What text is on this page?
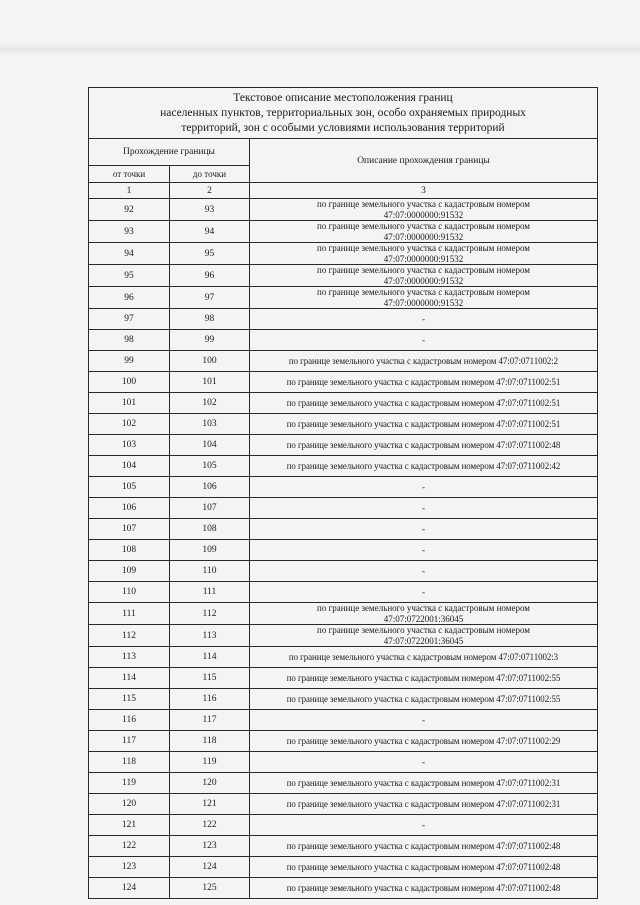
Текстовое описание местоположения границ
населенных пунктов, территориальных зон, особо охраняемых природных
территорий, зон с особыми условиями использования территорий		

Прохождение границы		Описание прохождения границы
от точки	до точки	
1	2	3
92	93	по границе земельного участка с кадастровым номером
47:07:0000000:91532

93	94	по границе земельного участка с кадастровым номером
47:07:0000000:91532

94	95	по границе земельного участка с кадастровым номером
47:07:0000000:91532

95	96	по границе земельного участка с кадастровым номером
47:07:0000000:91532

96	97	по границе земельного участка с кадастровым номером
47:07:0000000:91532

97	98	-
98	99	-
99	100	по границе земельного участка с кадастровым номером 47:07:0711002:2
100	101	по границе земельного участка с кадастровым номером 47:07:0711002:51
101	102	по границе земельного участка с кадастровым номером 47:07:0711002:51
102	103	по границе земельного участка с кадастровым номером 47:07:0711002:51
103	104	по границе земельного участка с кадастровым номером 47:07:0711002:48
104	105	по границе земельного участка с кадастровым номером 47:07:0711002:42
105	106	-
106	107	-
107	108	-
108	109	-
109	110	-
110	111	-
111	112	по границе земельного участка с кадастровым номером
47:07:0722001:36045

112	113	по границе земельного участка с кадастровым номером
47:07:0722001:36045

113	114	по границе земельного участка с кадастровым номером 47:07:0711002:3
114	115	по границе земельного участка с кадастровым номером 47:07:0711002:55
115	116	по границе земельного участка с кадастровым номером 47:07:0711002:55
116	117	-
117	118	по границе земельного участка с кадастровым номером 47:07:0711002:29
118	119	-
119	120	по границе земельного участка с кадастровым номером 47:07:0711002:31
120	121	по границе земельного участка с кадастровым номером 47:07:0711002:31
121	122	-
122	123	по границе земельного участка с кадастровым номером 47:07:0711002:48
123	124	по границе земельного участка с кадастровым номером 47:07:0711002:48
124	125	по границе земельного участка с кадастровым номером 47:07:0711002:48
